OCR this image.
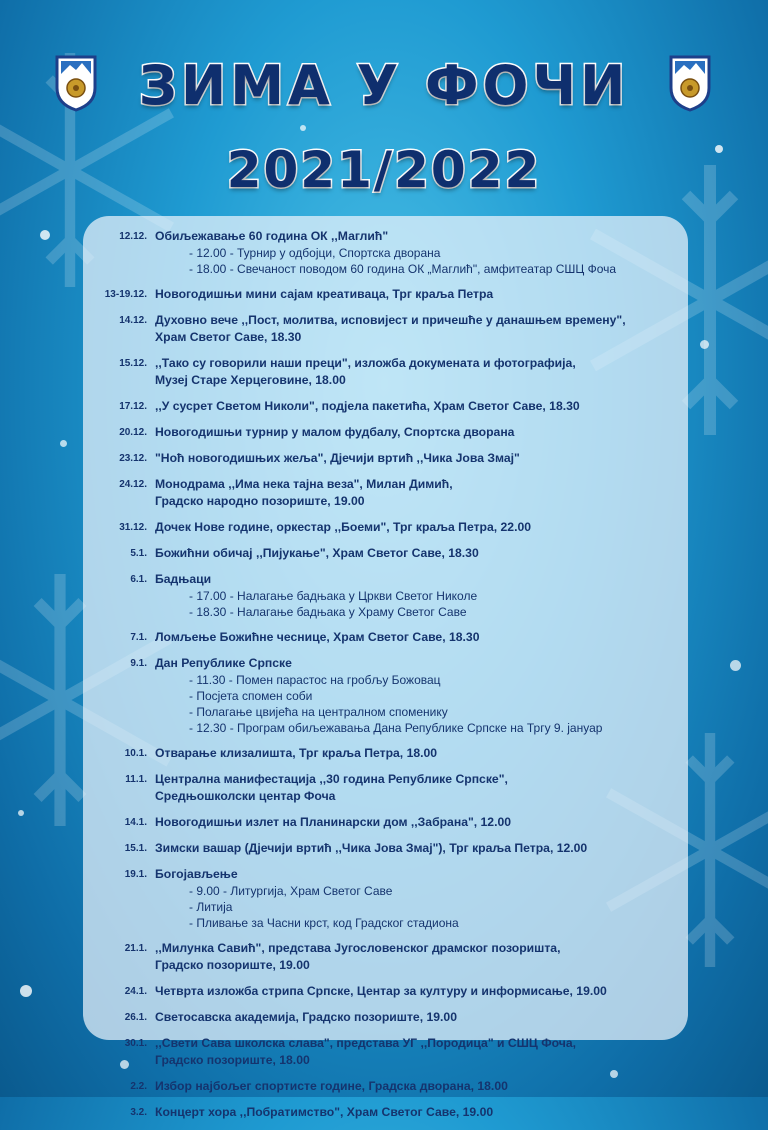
ЗИМА У ФОЧИ
2021/2022
12.12. Обиљежавање 60 година ОК ,,Маглић"
- 12.00 - Турнир у одбојци, Спортска дворана
- 18.00 - Свечаност поводом 60 година ОК „Маглић", амфитеатар СШЦ Фоча
13-19.12. Новогодишњи мини сајам креативаца, Трг краља Петра
14.12. Духовно вече ,,Пост, молитва, исповијест и причешће у данашњем времену",
Храм Светог Саве, 18.30
15.12. ,,Тако су говорили наши преци", изложба докумената и фотографија,
Музеј Старе Херцеговине, 18.00
17.12. ,,У сусрет Светом Николи", подјела пакетића, Храм Светог Саве, 18.30
20.12. Новогодишњи турнир у малом фудбалу, Спортска дворана
23.12. "Ноћ новогодишњих жеља", Дјечији вртић ,,Чика Јова Змај"
24.12. Монодрама ,,Има нека тајна веза", Милан Димић,
Градско народно позориште, 19.00
31.12. Дочек Нове године, оркестар ,,Боеми", Трг краља Петра, 22.00
5.1. Божићни обичај ,,Пијукање", Храм Светог Саве, 18.30
6.1. Бадњаци
- 17.00 - Налагање бадњака у Цркви Светог Николе
- 18.30 - Налагање бадњака у Храму Светог Саве
7.1. Ломљење Божићне чеснице, Храм Светог Саве, 18.30
9.1. Дан Републике Српске
- 11.30 - Помен парастос на гробљу Божовац
- Посјета спомен соби
- Полагање цвијећа на централном споменику
- 12.30 - Програм обиљежавања Дана Републике Српске на Тргу 9. јануар
10.1. Отварање клизалишта, Трг краља Петра, 18.00
11.1. Централна манифестација ,,30 година Републике Српске",
Средњошколски центар Фоча
14.1. Новогодишњи излет на Планинарски дом ,,Забрана", 12.00
15.1. Зимски вашар (Дјечији вртић ,,Чика Јова Змај"), Трг краља Петра, 12.00
19.1. Богојављење
- 9.00 - Литургија, Храм Светог Саве
- Литија
- Пливање за Часни крст, код Градског стадиона
21.1. ,,Милунка Савић", представа Југословенског драмског позоришта,
Градско позориште, 19.00
24.1. Четврта изложба стрипа Српске, Центар за културу и информисање, 19.00
26.1. Светосавска академија, Градско позориште, 19.00
30.1. ,,Свети Сава школска слава", представа УГ ,,Породица" и СШЦ Фоча,
Градско позориште, 18.00
2.2. Избор најбољег спортисте године, Градска дворана, 18.00
3.2. Концерт хора ,,Побратимство", Храм Светог Саве, 19.00
